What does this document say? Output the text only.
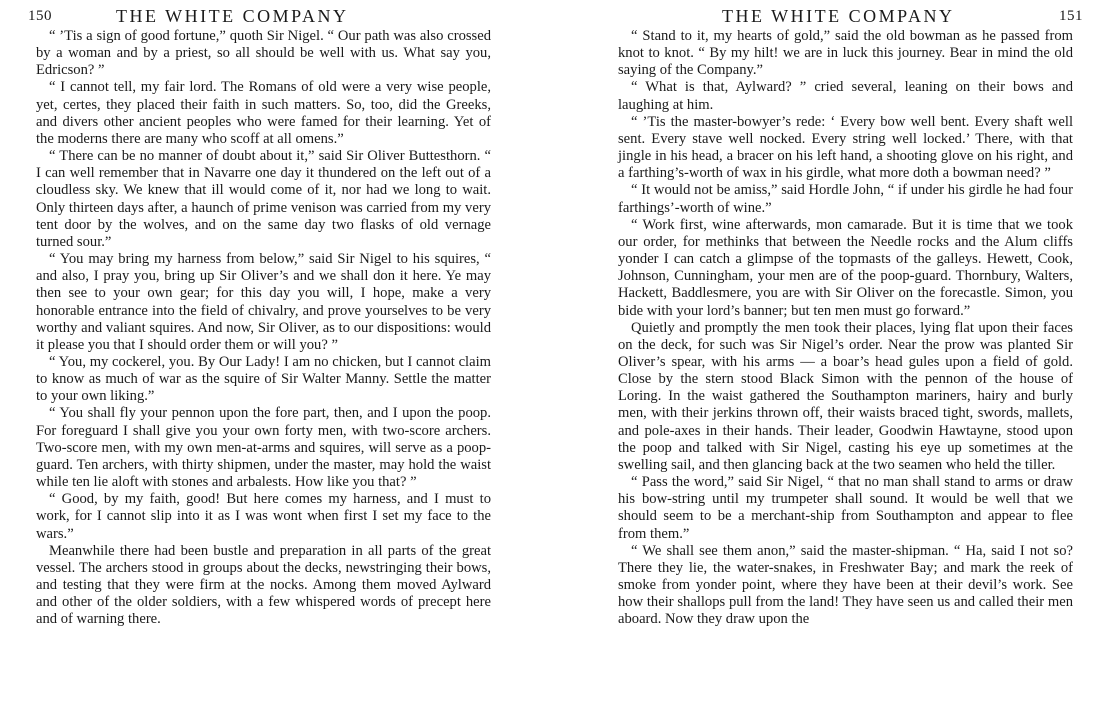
150	THE WHITE COMPANY

“ ’Tis a sign of good fortune,” quoth Sir Nigel. “ Our path was also crossed by a woman and by a priest, so all should be well with us. What say you, Edricson? ”

“ I cannot tell, my fair lord. The Romans of old were a very wise people, yet, certes, they placed their faith in such matters. So, too, did the Greeks, and divers other ancient peoples who were famed for their learning. Yet of the moderns there are many who scoff at all omens.”

“ There can be no manner of doubt about it,” said Sir Oliver Buttesthorn. “ I can well remember that in Navarre one day it thundered on the left out of a cloudless sky. We knew that ill would come of it, nor had we long to wait. Only thirteen days after, a haunch of prime venison was carried from my very tent door by the wolves, and on the same day two flasks of old vernage turned sour.”

“ You may bring my harness from below,” said Sir Nigel to his squires, “ and also, I pray you, bring up Sir Oliver’s and we shall don it here. Ye may then see to your own gear; for this day you will, I hope, make a very honorable entrance into the field of chivalry, and prove yourselves to be very worthy and valiant squires. And now, Sir Oliver, as to our dispositions: would it please you that I should order them or will you? ”

“ You, my cockerel, you. By Our Lady! I am no chicken, but I cannot claim to know as much of war as the squire of Sir Walter Manny. Settle the matter to your own liking.”

“ You shall fly your pennon upon the fore part, then, and I upon the poop. For foreguard I shall give you your own forty men, with two-score archers. Two-score men, with my own men-at-arms and squires, will serve as a poop-guard. Ten archers, with thirty shipmen, under the master, may hold the waist while ten lie aloft with stones and arbalests. How like you that? ”

“ Good, by my faith, good! But here comes my harness, and I must to work, for I cannot slip into it as I was wont when first I set my face to the wars.”

Meanwhile there had been bustle and preparation in all parts of the great vessel. The archers stood in groups about the decks, newstringing their bows, and testing that they were firm at the nocks. Among them moved Aylward and other of the older soldiers, with a few whispered words of precept here and of warning there.

THE WHITE COMPANY	151

“ Stand to it, my hearts of gold,” said the old bowman as he passed from knot to knot. “ By my hilt! we are in luck this journey. Bear in mind the old saying of the Company.”

“ What is that, Aylward? ” cried several, leaning on their bows and laughing at him.

“ ’Tis the master-bowyer’s rede: ‘ Every bow well bent. Every shaft well sent. Every stave well nocked. Every string well locked.’ There, with that jingle in his head, a bracer on his left hand, a shooting glove on his right, and a farthing’s-worth of wax in his girdle, what more doth a bowman need? ”

“ It would not be amiss,” said Hordle John, “ if under his girdle he had four farthings’-worth of wine.”

“ Work first, wine afterwards, mon camarade. But it is time that we took our order, for methinks that between the Needle rocks and the Alum cliffs yonder I can catch a glimpse of the topmasts of the galleys. Hewett, Cook, Johnson, Cunningham, your men are of the poop-guard. Thornbury, Walters, Hackett, Baddlesmere, you are with Sir Oliver on the forecastle. Simon, you bide with your lord’s banner; but ten men must go forward.”

Quietly and promptly the men took their places, lying flat upon their faces on the deck, for such was Sir Nigel’s order. Near the prow was planted Sir Oliver’s spear, with his arms — a boar’s head gules upon a field of gold. Close by the stern stood Black Simon with the pennon of the house of Loring. In the waist gathered the Southampton mariners, hairy and burly men, with their jerkins thrown off, their waists braced tight, swords, mallets, and pole-axes in their hands. Their leader, Goodwin Hawtayne, stood upon the poop and talked with Sir Nigel, casting his eye up sometimes at the swelling sail, and then glancing back at the two seamen who held the tiller.

“ Pass the word,” said Sir Nigel, “ that no man shall stand to arms or draw his bow-string until my trumpeter shall sound. It would be well that we should seem to be a merchant-ship from Southampton and appear to flee from them.”

“ We shall see them anon,” said the master-shipman. “ Ha, said I not so? There they lie, the water-snakes, in Freshwater Bay; and mark the reek of smoke from yonder point, where they have been at their devil’s work. See how their shallops pull from the land! They have seen us and called their men aboard. Now they draw upon the
